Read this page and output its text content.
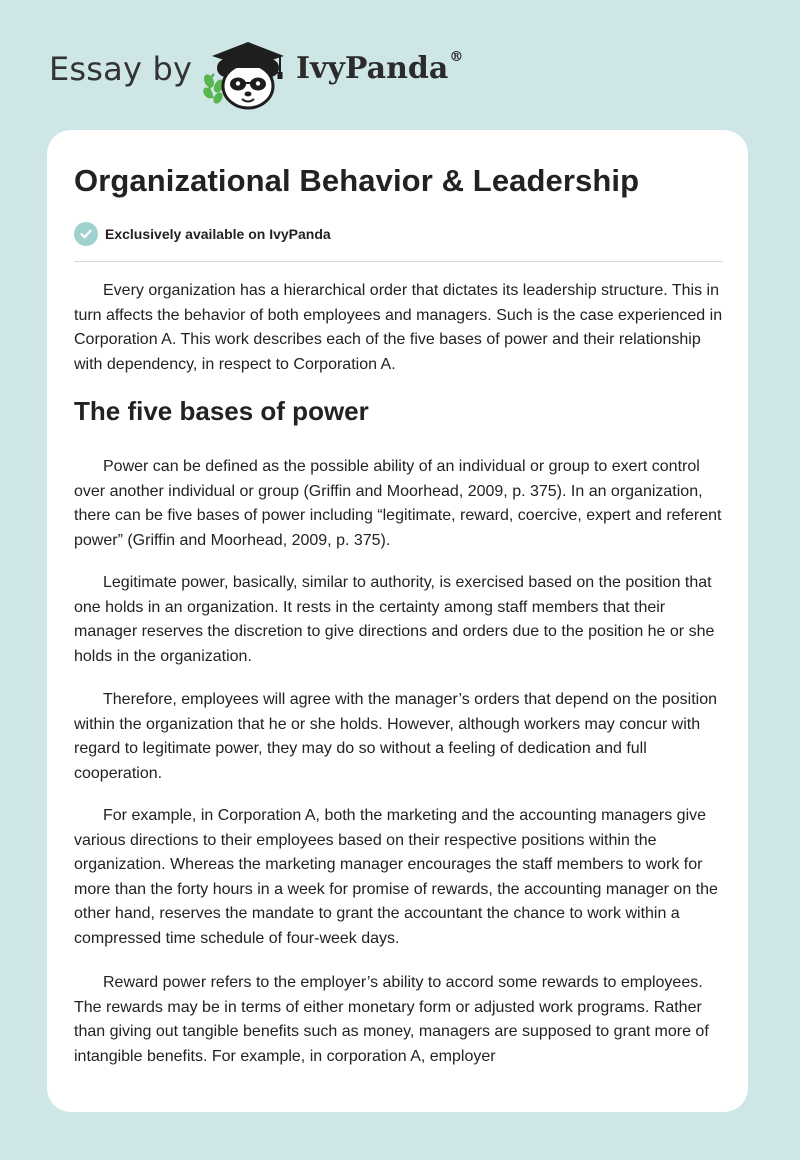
Essay by	IvyPanda®
Organizational Behavior & Leadership
Exclusively available on IvyPanda

Every organization has a hierarchical order that dictates its leadership structure. This in turn affects the behavior of both employees and managers. Such is the case experienced in Corporation A. This work describes each of the five bases of power and their relationship with dependency, in respect to Corporation A.

The five bases of power

Power can be defined as the possible ability of an individual or group to exert control over another individual or group (Griffin and Moorhead, 2009, p. 375). In an organization, there can be five bases of power including “legitimate, reward, coercive, expert and referent power” (Griffin and Moorhead, 2009, p. 375).

Legitimate power, basically, similar to authority, is exercised based on the position that one holds in an organization. It rests in the certainty among staff members that their manager reserves the discretion to give directions and orders due to the position he or she holds in the organization.

Therefore, employees will agree with the manager’s orders that depend on the position within the organization that he or she holds. However, although workers may concur with regard to legitimate power, they may do so without a feeling of dedication and full cooperation.

For example, in Corporation A, both the marketing and the accounting managers give various directions to their employees based on their respective positions within the organization. Whereas the marketing manager encourages the staff members to work for more than the forty hours in a week for promise of rewards, the accounting manager on the other hand, reserves the mandate to grant the accountant the chance to work within a compressed time schedule of four-week days.

Reward power refers to the employer’s ability to accord some rewards to employees. The rewards may be in terms of either monetary form or adjusted work programs. Rather than giving out tangible benefits such as money, managers are supposed to grant more of intangible benefits. For example, in corporation A, employer
